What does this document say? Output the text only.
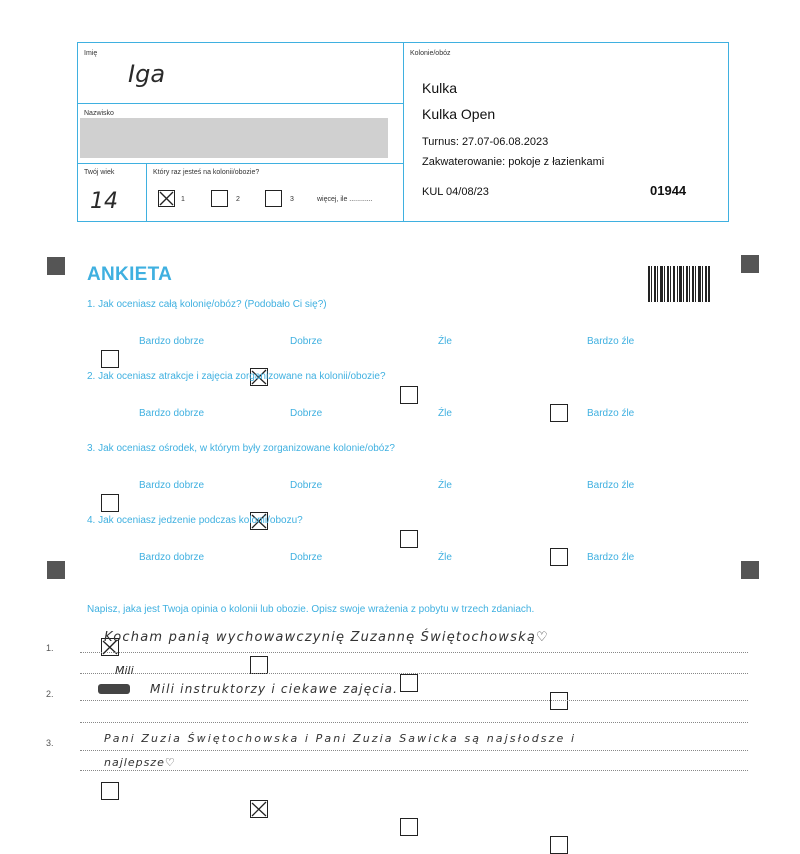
Imię
Iga
Nazwisko
Twój wiek
14
Który raz jesteś na kolonii/obozie?
1	2	3	więcej, ile ............
Kolonie/obóz
Kulka
Kulka Open
Turnus: 27.07-06.08.2023
Zakwaterowanie: pokoje z łazienkami
KUL 04/08/23	01944
ANKIETA
1. Jak oceniasz całą kolonię/obóz? (Podobało Ci się?)
Bardzo dobrze	Dobrze	Źle	Bardzo źle
2. Jak oceniasz atrakcje i zajęcia zorganizowane na kolonii/obozie?
Bardzo dobrze	Dobrze	Źle	Bardzo źle
3. Jak oceniasz ośrodek, w którym były zorganizowane kolonie/obóz?
Bardzo dobrze	Dobrze	Źle	Bardzo źle
4. Jak oceniasz jedzenie podczas kolonii/obozu?
Bardzo dobrze	Dobrze	Źle	Bardzo źle
Napisz, jaka jest Twoja opinia o kolonii lub obozie. Opisz swoje wrażenia z pobytu w trzech zdaniach.
1.
2.
3.
Kocham panią wychowawczynię Zuzannę Świętochowską♡
Mili
Mili instruktorzy i ciekawe zajęcia.
Pani Zuzia Świętochowska i Pani Zuzia Sawicka są najsłodsze i
najlepsze♡
